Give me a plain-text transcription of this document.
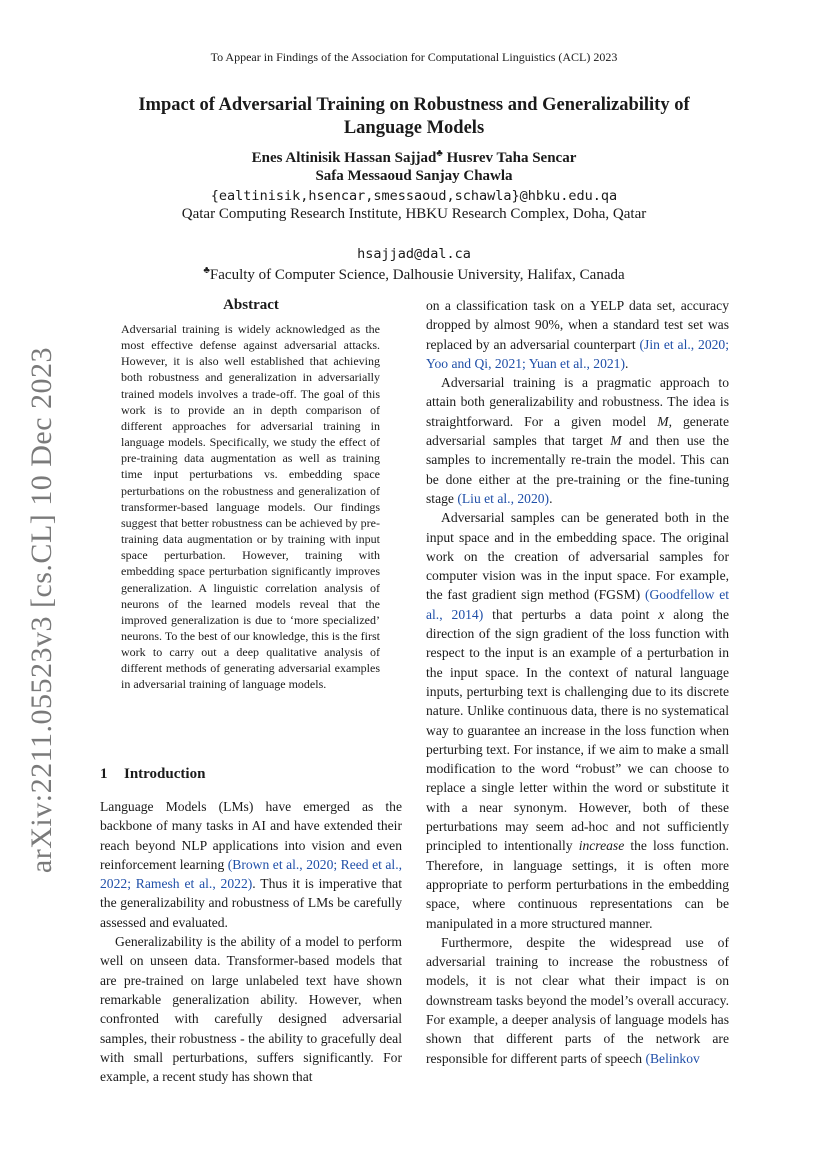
To Appear in Findings of the Association for Computational Linguistics (ACL) 2023
arXiv:2211.05523v3 [cs.CL] 10 Dec 2023
Impact of Adversarial Training on Robustness and Generalizability of
Language Models
Enes Altinisik Hassan Sajjad♣ Husrev Taha Sencar
Safa Messaoud Sanjay Chawla
{ealtinisik,hsencar,smessaoud,schawla}@hbku.edu.qa
Qatar Computing Research Institute, HBKU Research Complex, Doha, Qatar
hsajjad@dal.ca
♣Faculty of Computer Science, Dalhousie University, Halifax, Canada
Abstract
Adversarial training is widely acknowledged as the most effective defense against adversarial attacks. However, it is also well established that achieving both robustness and generalization in adversarially trained models involves a trade-off. The goal of this work is to provide an in depth comparison of different approaches for adversarial training in language models. Specifically, we study the effect of pre-training data augmentation as well as training time input perturbations vs. embedding space perturbations on the robustness and generalization of transformer-based language models. Our findings suggest that better robustness can be achieved by pre-training data augmentation or by training with input space perturbation. However, training with embedding space perturbation significantly improves generalization. A linguistic correlation analysis of neurons of the learned models reveal that the improved generalization is due to ‘more specialized’ neurons. To the best of our knowledge, this is the first work to carry out a deep qualitative analysis of different methods of generating adversarial examples in adversarial training of language models.
1 Introduction

Language Models (LMs) have emerged as the backbone of many tasks in AI and have extended their reach beyond NLP applications into vision and even reinforcement learning (Brown et al., 2020; Reed et al., 2022; Ramesh et al., 2022). Thus it is imperative that the generalizability and robustness of LMs be carefully assessed and evaluated.

Generalizability is the ability of a model to perform well on unseen data. Transformer-based models that are pre-trained on large unlabeled text have shown remarkable generalization ability. However, when confronted with carefully designed adversarial samples, their robustness - the ability to gracefully deal with small perturbations, suffers significantly. For example, a recent study has shown that

on a classification task on a YELP data set, accuracy dropped by almost 90%, when a standard test set was replaced by an adversarial counterpart (Jin et al., 2020; Yoo and Qi, 2021; Yuan et al., 2021).

Adversarial training is a pragmatic approach to attain both generalizability and robustness. The idea is straightforward. For a given model M, generate adversarial samples that target M and then use the samples to incrementally re-train the model. This can be done either at the pre-training or the fine-tuning stage (Liu et al., 2020).

Adversarial samples can be generated both in the input space and in the embedding space. The original work on the creation of adversarial samples for computer vision was in the input space. For example, the fast gradient sign method (FGSM) (Goodfellow et al., 2014) that perturbs a data point x along the direction of the sign gradient of the loss function with respect to the input is an example of a perturbation in the input space. In the context of natural language inputs, perturbing text is challenging due to its discrete nature. Unlike continuous data, there is no systematical way to guarantee an increase in the loss function when perturbing text. For instance, if we aim to make a small modification to the word “robust” we can choose to replace a single letter within the word or substitute it with a near synonym. However, both of these perturbations may seem ad-hoc and not sufficiently principled to intentionally increase the loss function. Therefore, in language settings, it is often more appropriate to perform perturbations in the embedding space, where continuous representations can be manipulated in a more structured manner.

Furthermore, despite the widespread use of adversarial training to increase the robustness of models, it is not clear what their impact is on downstream tasks beyond the model’s overall accuracy. For example, a deeper analysis of language models has shown that different parts of the network are responsible for different parts of speech (Belinkov
